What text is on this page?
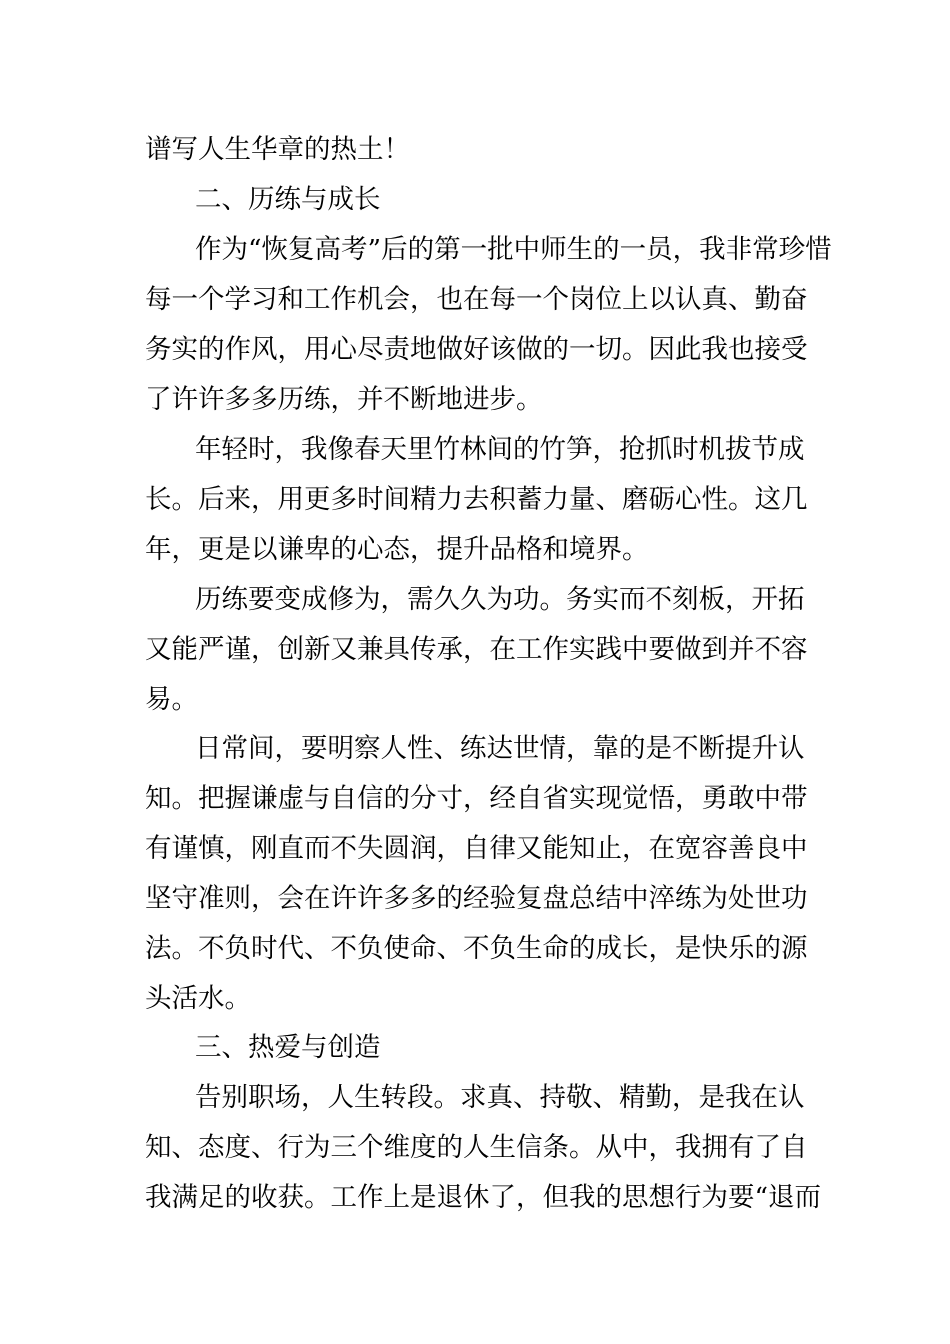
谱写人生华章的热土！
二、历练与成长
作为“恢复高考”后的第一批中师生的一员，我非常珍惜
每一个学习和工作机会，也在每一个岗位上以认真、勤奋
务实的作风，用心尽责地做好该做的一切。因此我也接受
了许许多多历练，并不断地进步。
年轻时，我像春天里竹林间的竹笋，抢抓时机拔节成
长。后来，用更多时间精力去积蓄力量、磨砺心性。这几
年，更是以谦卑的心态，提升品格和境界。
历练要变成修为，需久久为功。务实而不刻板，开拓
又能严谨，创新又兼具传承，在工作实践中要做到并不容
易。
日常间，要明察人性、练达世情，靠的是不断提升认
知。把握谦虚与自信的分寸，经自省实现觉悟，勇敢中带
有谨慎，刚直而不失圆润，自律又能知止，在宽容善良中
坚守准则，会在许许多多的经验复盘总结中淬练为处世功
法。不负时代、不负使命、不负生命的成长，是快乐的源
头活水。
三、热爱与创造
告别职场，人生转段。求真、持敬、精勤，是我在认
知、态度、行为三个维度的人生信条。从中，我拥有了自
我满足的收获。工作上是退休了，但我的思想行为要“退而
